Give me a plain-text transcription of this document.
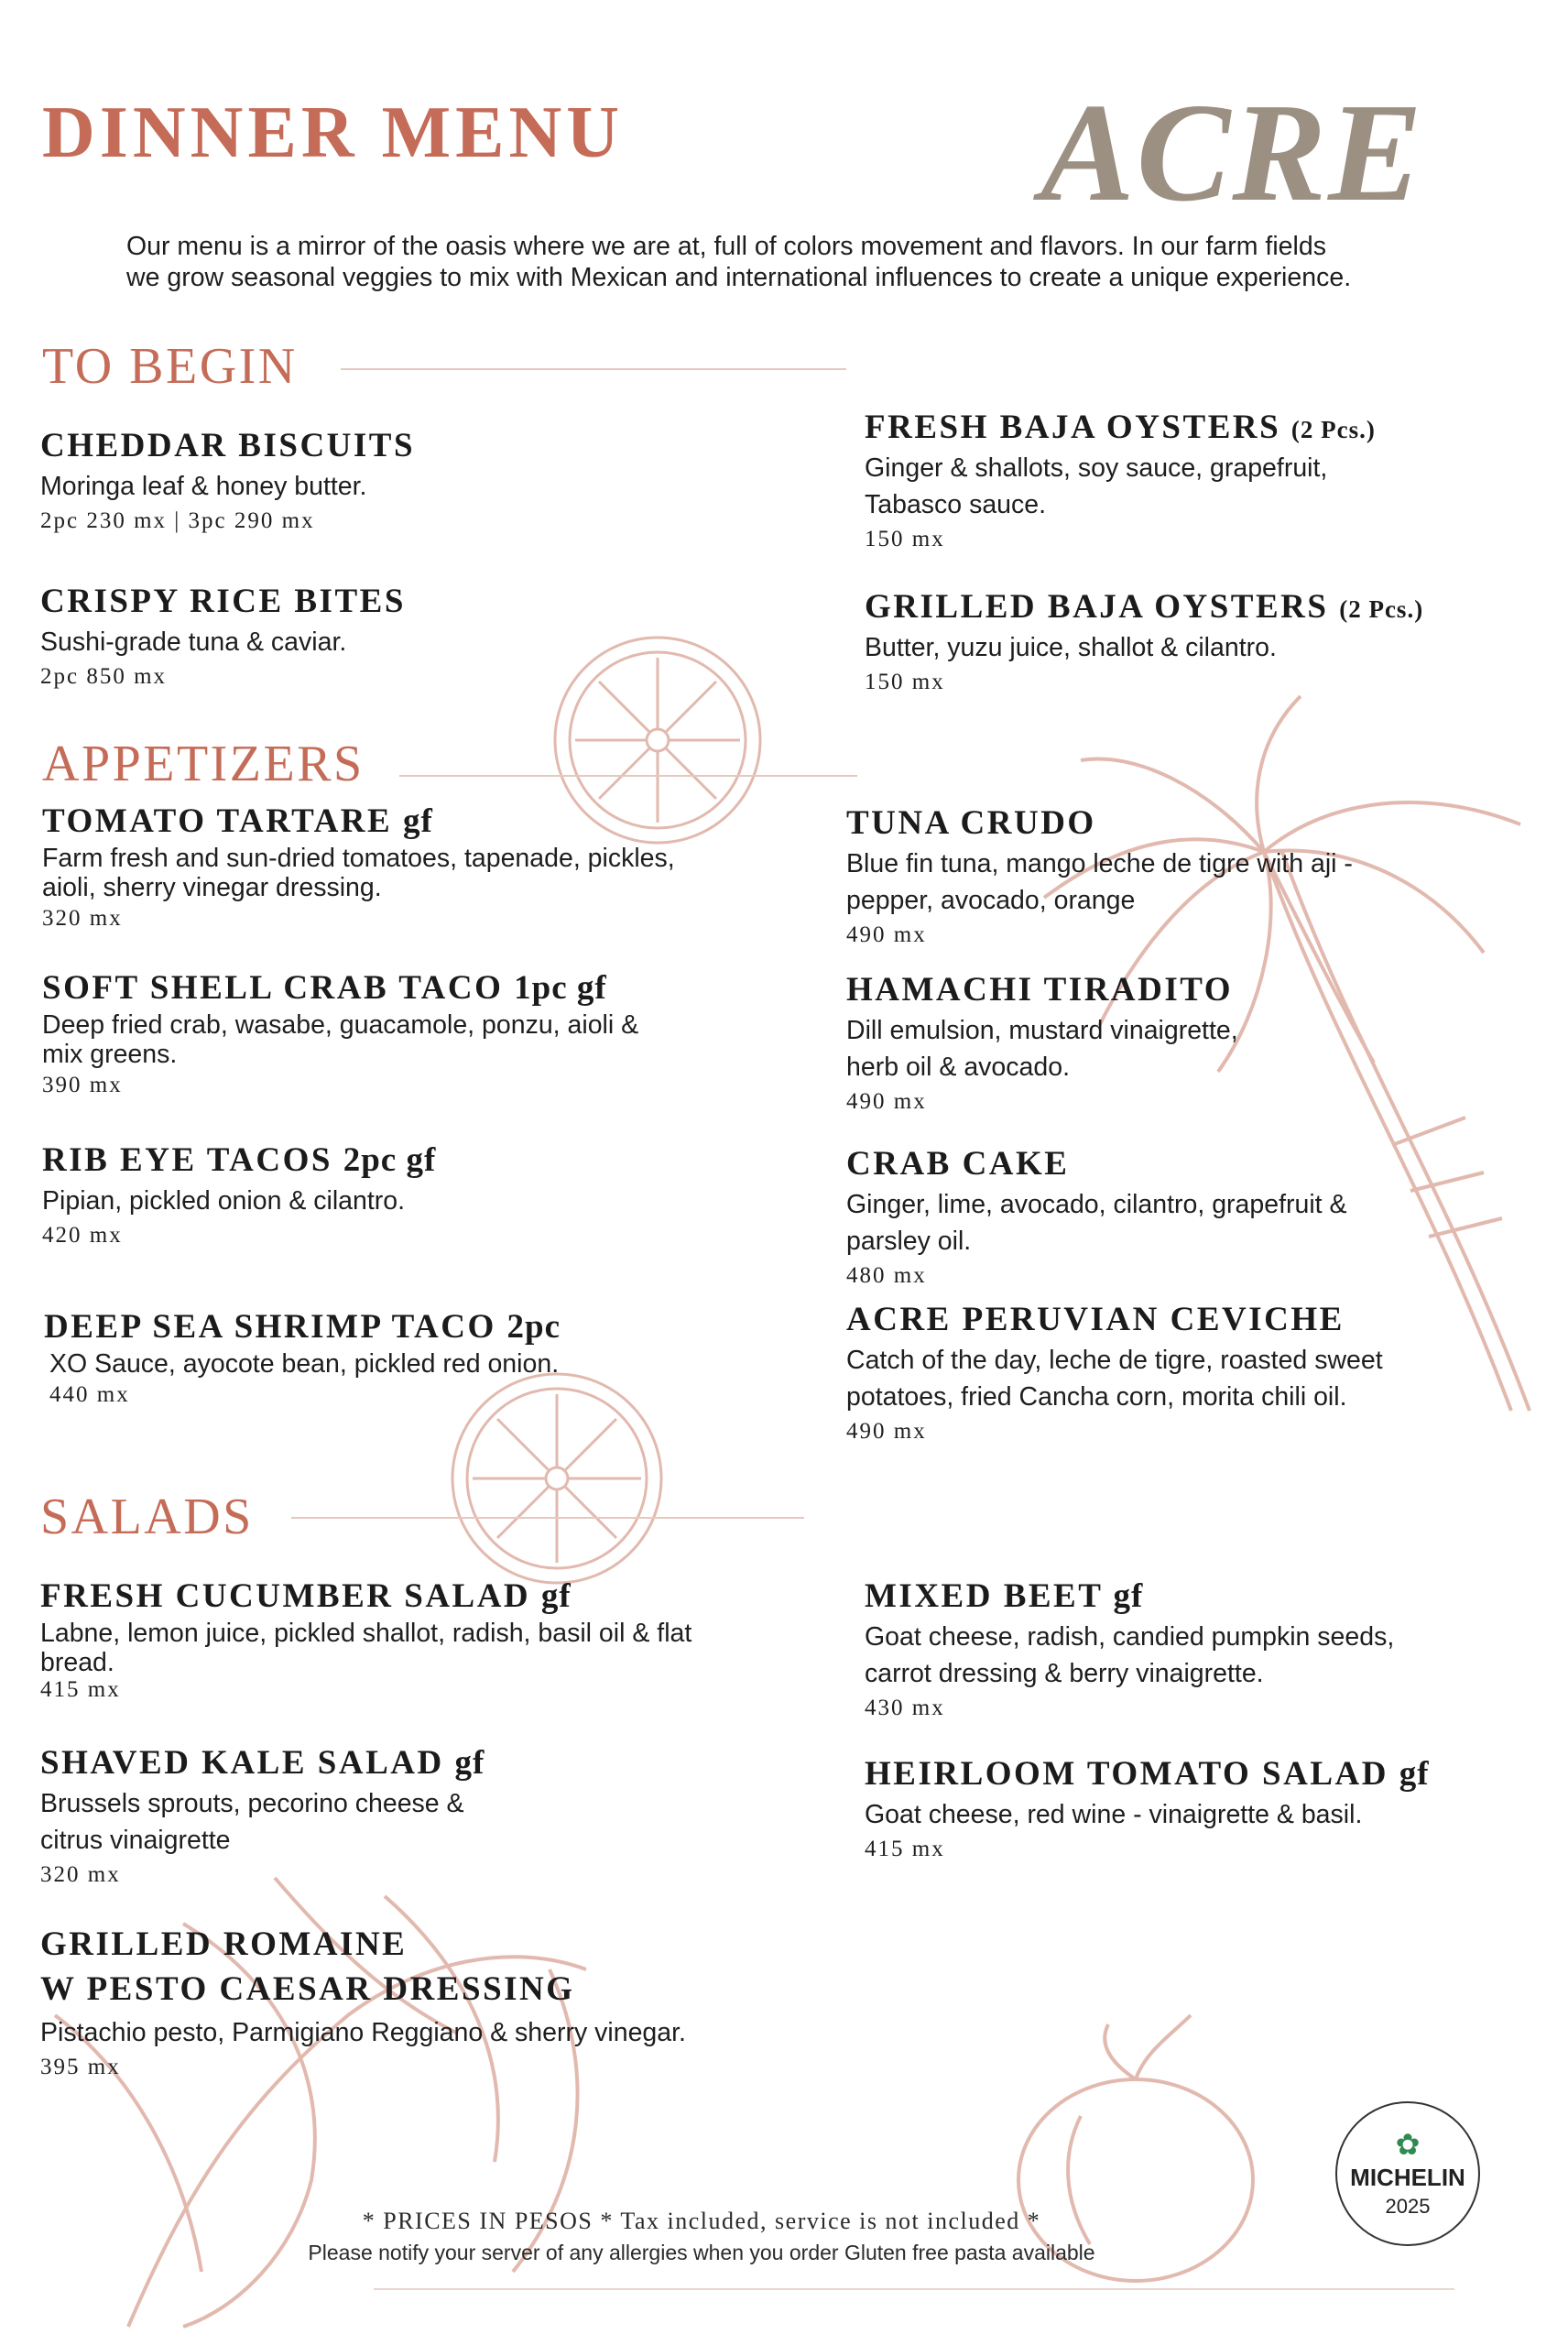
DINNER MENU	ACRE
Our menu is a mirror of the oasis where we are at, full of colors movement and flavors. In our farm fields
we grow seasonal veggies to mix with Mexican and international influences to create a unique experience.
TO BEGIN
CHEDDAR BISCUITS
Moringa leaf & honey butter.
2pc 230 mx | 3pc 290 mx
CRISPY RICE BITES
Sushi-grade tuna & caviar.
2pc 850 mx
FRESH BAJA OYSTERS (2 Pcs.)
Ginger & shallots, soy sauce, grapefruit, Tabasco sauce.
150 mx
GRILLED BAJA OYSTERS (2 Pcs.)
Butter, yuzu juice, shallot & cilantro.
150 mx
APPETIZERS
TOMATO TARTARE gf
Farm fresh and sun-dried tomatoes, tapenade, pickles, aioli, sherry vinegar dressing.
320 mx
SOFT SHELL CRAB TACO 1pc gf
Deep fried crab, wasabe, guacamole, ponzu, aioli & mix greens.
390 mx
RIB EYE TACOS 2pc gf
Pipian, pickled onion & cilantro.
420 mx
DEEP SEA SHRIMP TACO 2pc
XO Sauce, ayocote bean, pickled red onion.
440 mx
TUNA CRUDO
Blue fin tuna, mango leche de tigre with aji - pepper, avocado, orange
490 mx
HAMACHI TIRADITO
Dill emulsion, mustard vinaigrette, herb oil & avocado.
490 mx
CRAB CAKE
Ginger, lime, avocado, cilantro, grapefruit & parsley oil.
480 mx
ACRE PERUVIAN CEVICHE
Catch of the day, leche de tigre, roasted sweet potatoes, fried Cancha corn, morita chili oil.
490 mx
SALADS
FRESH CUCUMBER SALAD gf
Labne, lemon juice, pickled shallot, radish, basil oil & flat bread.
415 mx
SHAVED KALE SALAD gf
Brussels sprouts, pecorino cheese & citrus vinaigrette
320 mx
GRILLED ROMAINE
W PESTO CAESAR DRESSING
Pistachio pesto, Parmigiano Reggiano & sherry vinegar.
395 mx
MIXED BEET gf
Goat cheese, radish, candied pumpkin seeds, carrot dressing & berry vinaigrette.
430 mx
HEIRLOOM TOMATO SALAD gf
Goat cheese, red wine - vinaigrette & basil.
415 mx
* PRICES IN PESOS * Tax included, service is not included *
Please notify your server of any allergies when you order Gluten free pasta available
✿
MICHELIN
2025
